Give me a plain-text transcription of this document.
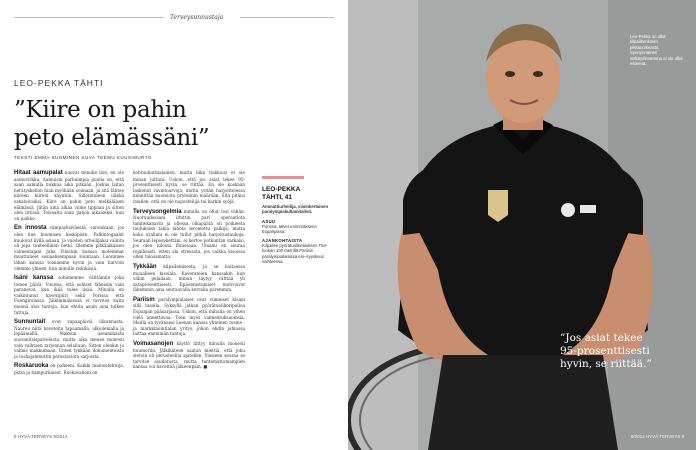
Terveysunnustaja
LEO-PEKKA TÄHTI
”Kiire on pahin
peto elämässäni”
TEKSTI EMMA SUOMINEN KUVA TEEMU KUUSIMURTO

Hitaat aamupalat nauvat minulle ilon, en ole aamuvirkku. Aamuisin parhaimpia puolia on, että saan aamulla nukkua aika pitkään. Joskus laitan herätyskellon hian myöhään soimaan, ja sitä lähtee kiireen kiirein käyntiin. Sillointuleen läikkä sakaloivaiksi. Kiire on pahin peto melkäläisen elämässä. Jätän aina aikaa viime tippaan ja sitten olen liriissä. Toisaalta saan paljon aikaiseksi, kun on paikko.

En innosta vämpäyksiväestä, varsinkaan, jos olen itse huomisen keskipiste. Palkintogaalat kuulovat kyllä asiaan, ja vuoden urheilijaksi valinta oli jopa tunteellinen hetki. Olemme pitkäaikaisen valmentajani Juha Flinckin kanssa molemmat muuttuneet sosiaalisempaan suuntaan. Luonnnee lähan kanssa toisiamme hyvin ja vain harvoin olemme yhteen, kun minulla riskikäsiä.

Isäni kanssa sohimemme välttämiin joka toinen päivä. Vuoissa, että sohiset läheisiin vain paranevat, kun ikää tulee lisää. Minulla on vaikintunut kaveripiiri sekä Porissa että Fuengirolassa. Jälkimmäisessä ei tarvitse kulta mennä ulos tuntoja, kun ehtiin asuin aina tulkee tuttuja.

Sunnuntait ovat vapaapäiviä liikunnasta. Naureu niitä kaveteita tapaamalla, ulkoilemalla ja lepäämällä. Maksun useammasta suoranitsispalvelusta, mutta aika menee monesti vain vaihtaen tarjonnan selailuun. Sitten olenkin jo valmis makkumaan. Enten tykkään dokumenteista ja toshajahmuttin perustaviota sarjoista.

Roskaruoka on paheeni. Kaikki mainsutehtuja, pizza ja hampurilaiset. Ruokavalioni on

kohtuukurinalainen, mutta liika tiukkuus ei ole minun juttuni. Uskon, että jos asiat tekee 95-prosenttisesti hyvin, se riittää. En ole koskaan laskenut ravintoarvoja, mutta yritän harjoittelessa kiinnittää huomiota proteiinin määrään. Sitä pitäisi itsellen, että on ole naposteilija tai karkin syöjä.

Terveysongelmia minulla on ollut tosi vähän. Nuoruudessani iltuttin pari operaatiota tamnekanavin ja ollessa olkapäätä oli poikieeta tauluksien takia lahota leromettu paikija, mutta koko urallani ei ole tullut pitkiä harjoitustaukoja. Seuraan leposykettäni, ei kertoo potkuntan varkaisi, jos olen tulossa flunssaan. Umami en seuraa rejallisesti, etten ala stressata, jos vaikka kisoissa ollen tulosamatta.

Tykkään kilpailemisesta, ja se hoitaessa muualleen kisoiala. Kaverateien kanssakin kun väliin pelailaan, minun täytyy välttää yli sataprosenttisesti. Epäonnistumiset motivoivat lähemmin aina seuraavalla kerralla paremmin.

Pariisin paralympialaiset ovat viimeiset kisani sillä tasolla. Syksyllä jatkan pyörätuolikoripalloa Espanjan pääsarjassa. Uskon, että minulla on vihen vielä annettavaa. Toen myös valmentuksuomsia. Meillä on tyvänaesi Leenan kanssa yhteinen tosme - ja markkinointialan yritys, johon ehdin jatkossa laittaa enemmän tuntoja.

Voimasanojen käyttö liittyy minulla monesti huumoriin. Jälkikäteen saatan miettiä, että joku sietoin oli perusteellia ajatellen. Yleiseen seuraa se tarvitse saudatusta, mutta tuntemattomampien kanssa voi hävettää jälkeenpäin. ■

LEO-PEKKA
TÄHTI, 41
Ammattiurheilija, viisinkertainen paralympiakultamitalisti.
ASUU
Porissa, talvet enimmäkseen Espanjassa.
AJANKOHTAISTA
Kilpailee pyörätuolikelauksen T54-luokan 100 metrillä Pariisin paralympialaisissa elo–syyskuun vaihteessa.
8 HYVÄ TERVEYS 8/2014
Leo-Pekka on ollut kilpailkenkinen pikkanoikeasta. Synnynnäinen selkäydinvamma ei ole ollut esteenä.
8/2014 HYVÄ TERVEYS 9
”Jos asiat tekee
95-prosenttisesti
hyvin, se riittää.”
